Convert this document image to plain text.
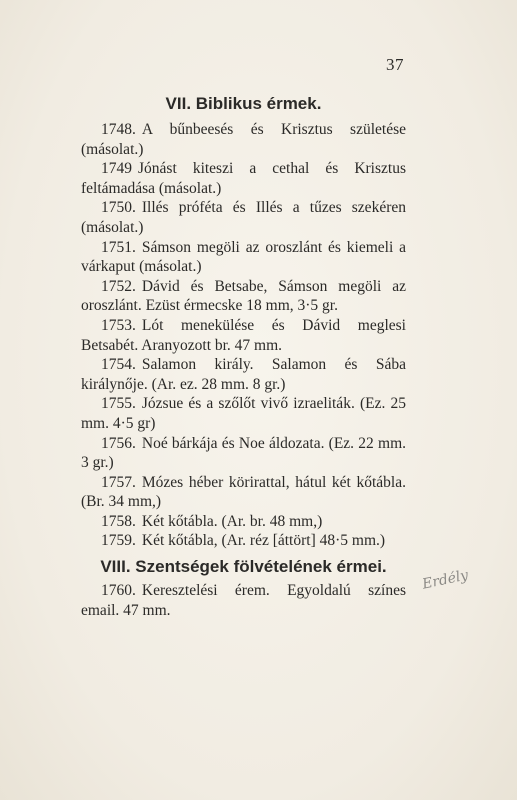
37
VII. Biblikus érmek.

1748. A bűnbeesés és Krisztus születése (másolat.)

1749 Jónást kiteszi a cethal és Krisztus feltámadása (másolat.)

1750. Illés próféta és Illés a tűzes szekéren (másolat.)

1751. Sámson megöli az oroszlánt és kiemeli a várkaput (másolat.)

1752. Dávid és Betsabe, Sámson megöli az oroszlánt. Ezüst érmecske 18 mm, 3·5 gr.

1753. Lót menekülése és Dávid meglesi Betsabét. Aranyozott br. 47 mm.

1754. Salamon király. Salamon és Sába királynője. (Ar. ez. 28 mm. 8 gr.)

1755. Józsue és a szőlőt vivő izraeliták. (Ez. 25 mm. 4·5 gr)

1756. Noé bárkája és Noe áldozata. (Ez. 22 mm. 3 gr.)

1757. Mózes héber körirattal, hátul két kőtábla. (Br. 34 mm,)

1758. Két kőtábla. (Ar. br. 48 mm,)

1759. Két kőtábla, (Ar. réz [áttört] 48·5 mm.)

VIII. Szentségek fölvételének érmei.

1760. Keresztelési érem. Egyoldalú színes email. 47 mm.

Erdély
